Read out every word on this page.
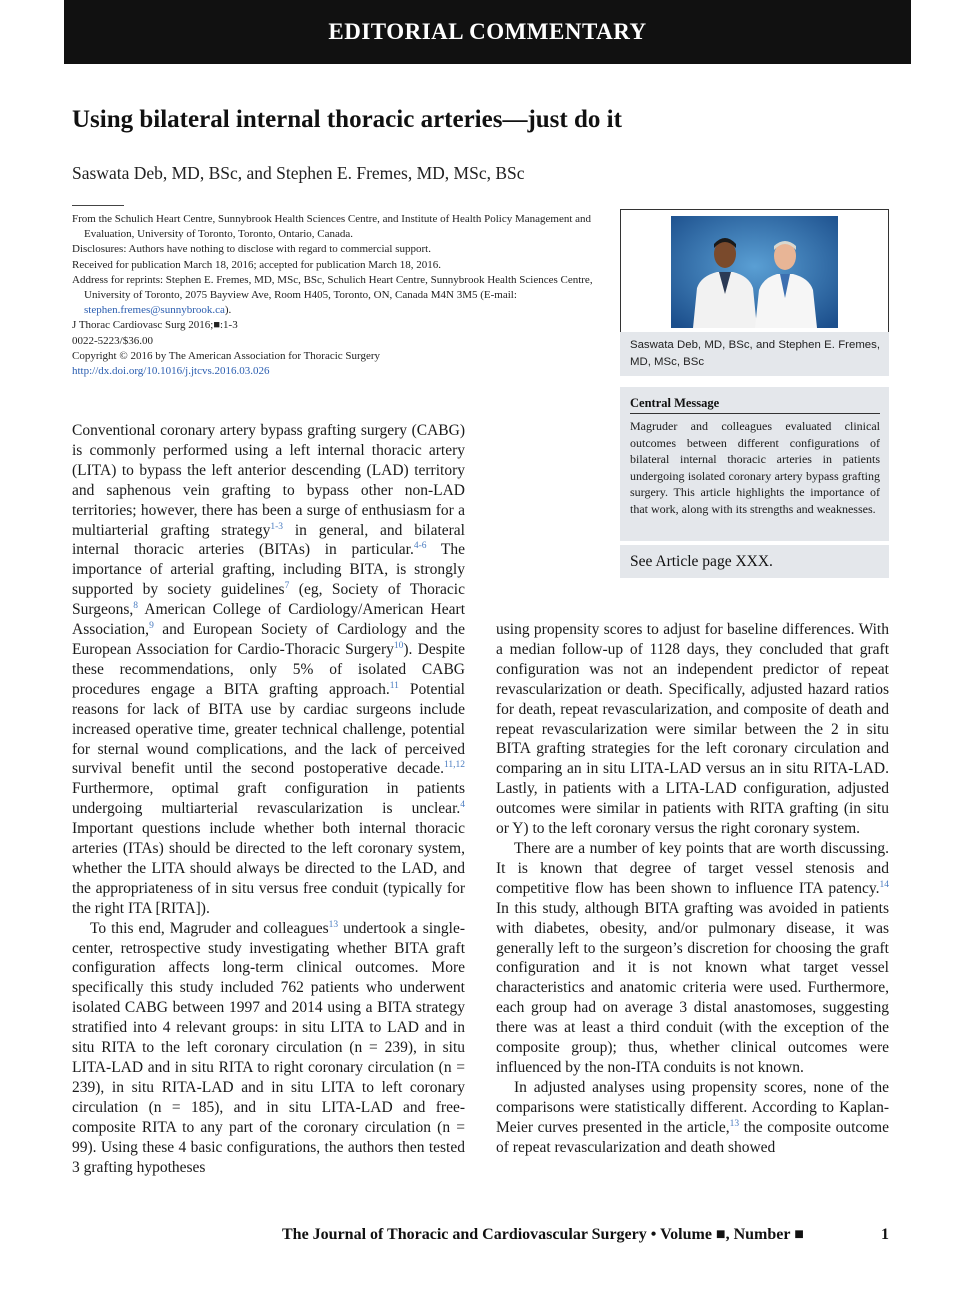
EDITORIAL COMMENTARY
Using bilateral internal thoracic arteries—just do it
Saswata Deb, MD, BSc, and Stephen E. Fremes, MD, MSc, BSc
From the Schulich Heart Centre, Sunnybrook Health Sciences Centre, and Institute of Health Policy Management and Evaluation, University of Toronto, Toronto, Ontario, Canada.
Disclosures: Authors have nothing to disclose with regard to commercial support.
Received for publication March 18, 2016; accepted for publication March 18, 2016.
Address for reprints: Stephen E. Fremes, MD, MSc, BSc, Schulich Heart Centre, Sunnybrook Health Sciences Centre, University of Toronto, 2075 Bayview Ave, Room H405, Toronto, ON, Canada M4N 3M5 (E-mail: stephen.fremes@sunnybrook.ca).
J Thorac Cardiovasc Surg 2016;■:1-3
0022-5223/$36.00
Copyright © 2016 by The American Association for Thoracic Surgery
http://dx.doi.org/10.1016/j.jtcvs.2016.03.026

Saswata Deb, MD, BSc, and Stephen E. Fremes, MD, MSc, BSc

Central Message
Magruder and colleagues evaluated clinical outcomes between different configurations of bilateral internal thoracic arteries in patients undergoing isolated coronary artery bypass grafting surgery. This article highlights the importance of that work, along with its strengths and weaknesses.

See Article page XXX.

Conventional coronary artery bypass grafting surgery (CABG) is commonly performed using a left internal thoracic artery (LITA) to bypass the left anterior descending (LAD) territory and saphenous vein grafting to bypass other non-LAD territories; however, there has been a surge of enthusiasm for a multiarterial grafting strategy$^{1-3}$ in general, and bilateral internal thoracic arteries (BITAs) in particular.$^{4-6}$ The importance of arterial grafting, including BITA, is strongly supported by society guidelines$^7$ (eg, Society of Thoracic Surgeons,$^8$ American College of Cardiology/American Heart Association,$^9$ and European Society of Cardiology and the European Association for Cardio-Thoracic Surgery$^{10}$). Despite these recommendations, only 5% of isolated CABG procedures engage a BITA grafting approach.$^{11}$ Potential reasons for lack of BITA use by cardiac surgeons include increased operative time, greater technical challenge, potential for sternal wound complications, and the lack of perceived survival benefit until the second postoperative decade.$^{11,12}$ Furthermore, optimal graft configuration in patients undergoing multiarterial revascularization is unclear.$^4$ Important questions include whether both internal thoracic arteries (ITAs) should be directed to the left coronary system, whether the LITA should always be directed to the LAD, and the appropriateness of in situ versus free conduit (typically for the right ITA [RITA]).

To this end, Magruder and colleagues$^{13}$ undertook a single-center, retrospective study investigating whether BITA graft configuration affects long-term clinical outcomes. More specifically this study included 762 patients who underwent isolated CABG between 1997 and 2014 using a BITA strategy stratified into 4 relevant groups: in situ LITA to LAD and in situ RITA to the left coronary circulation (n = 239), in situ LITA-LAD and in situ RITA to right coronary circulation (n = 239), in situ RITA-LAD and in situ LITA to left coronary circulation (n = 185), and in situ LITA-LAD and free-composite RITA to any part of the coronary circulation (n = 99). Using these 4 basic configurations, the authors then tested 3 grafting hypotheses

using propensity scores to adjust for baseline differences. With a median follow-up of 1128 days, they concluded that graft configuration was not an independent predictor of repeat revascularization or death. Specifically, adjusted hazard ratios for death, repeat revascularization, and composite of death and repeat revascularization were similar between the 2 in situ BITA grafting strategies for the left coronary circulation and comparing an in situ LITA-LAD versus an in situ RITA-LAD. Lastly, in patients with a LITA-LAD configuration, adjusted outcomes were similar in patients with RITA grafting (in situ or Y) to the left coronary versus the right coronary system.

There are a number of key points that are worth discussing. It is known that degree of target vessel stenosis and competitive flow has been shown to influence ITA patency.$^{14}$ In this study, although BITA grafting was avoided in patients with diabetes, obesity, and/or pulmonary disease, it was generally left to the surgeon’s discretion for choosing the graft configuration and it is not known what target vessel characteristics and anatomic criteria were used. Furthermore, each group had on average 3 distal anastomoses, suggesting there was at least a third conduit (with the exception of the composite group); thus, whether clinical outcomes were influenced by the non-ITA conduits is not known.

In adjusted analyses using propensity scores, none of the comparisons were statistically different. According to Kaplan-Meier curves presented in the article,$^{13}$ the composite outcome of repeat revascularization and death showed

The Journal of Thoracic and Cardiovascular Surgery • Volume ■, Number ■	1
